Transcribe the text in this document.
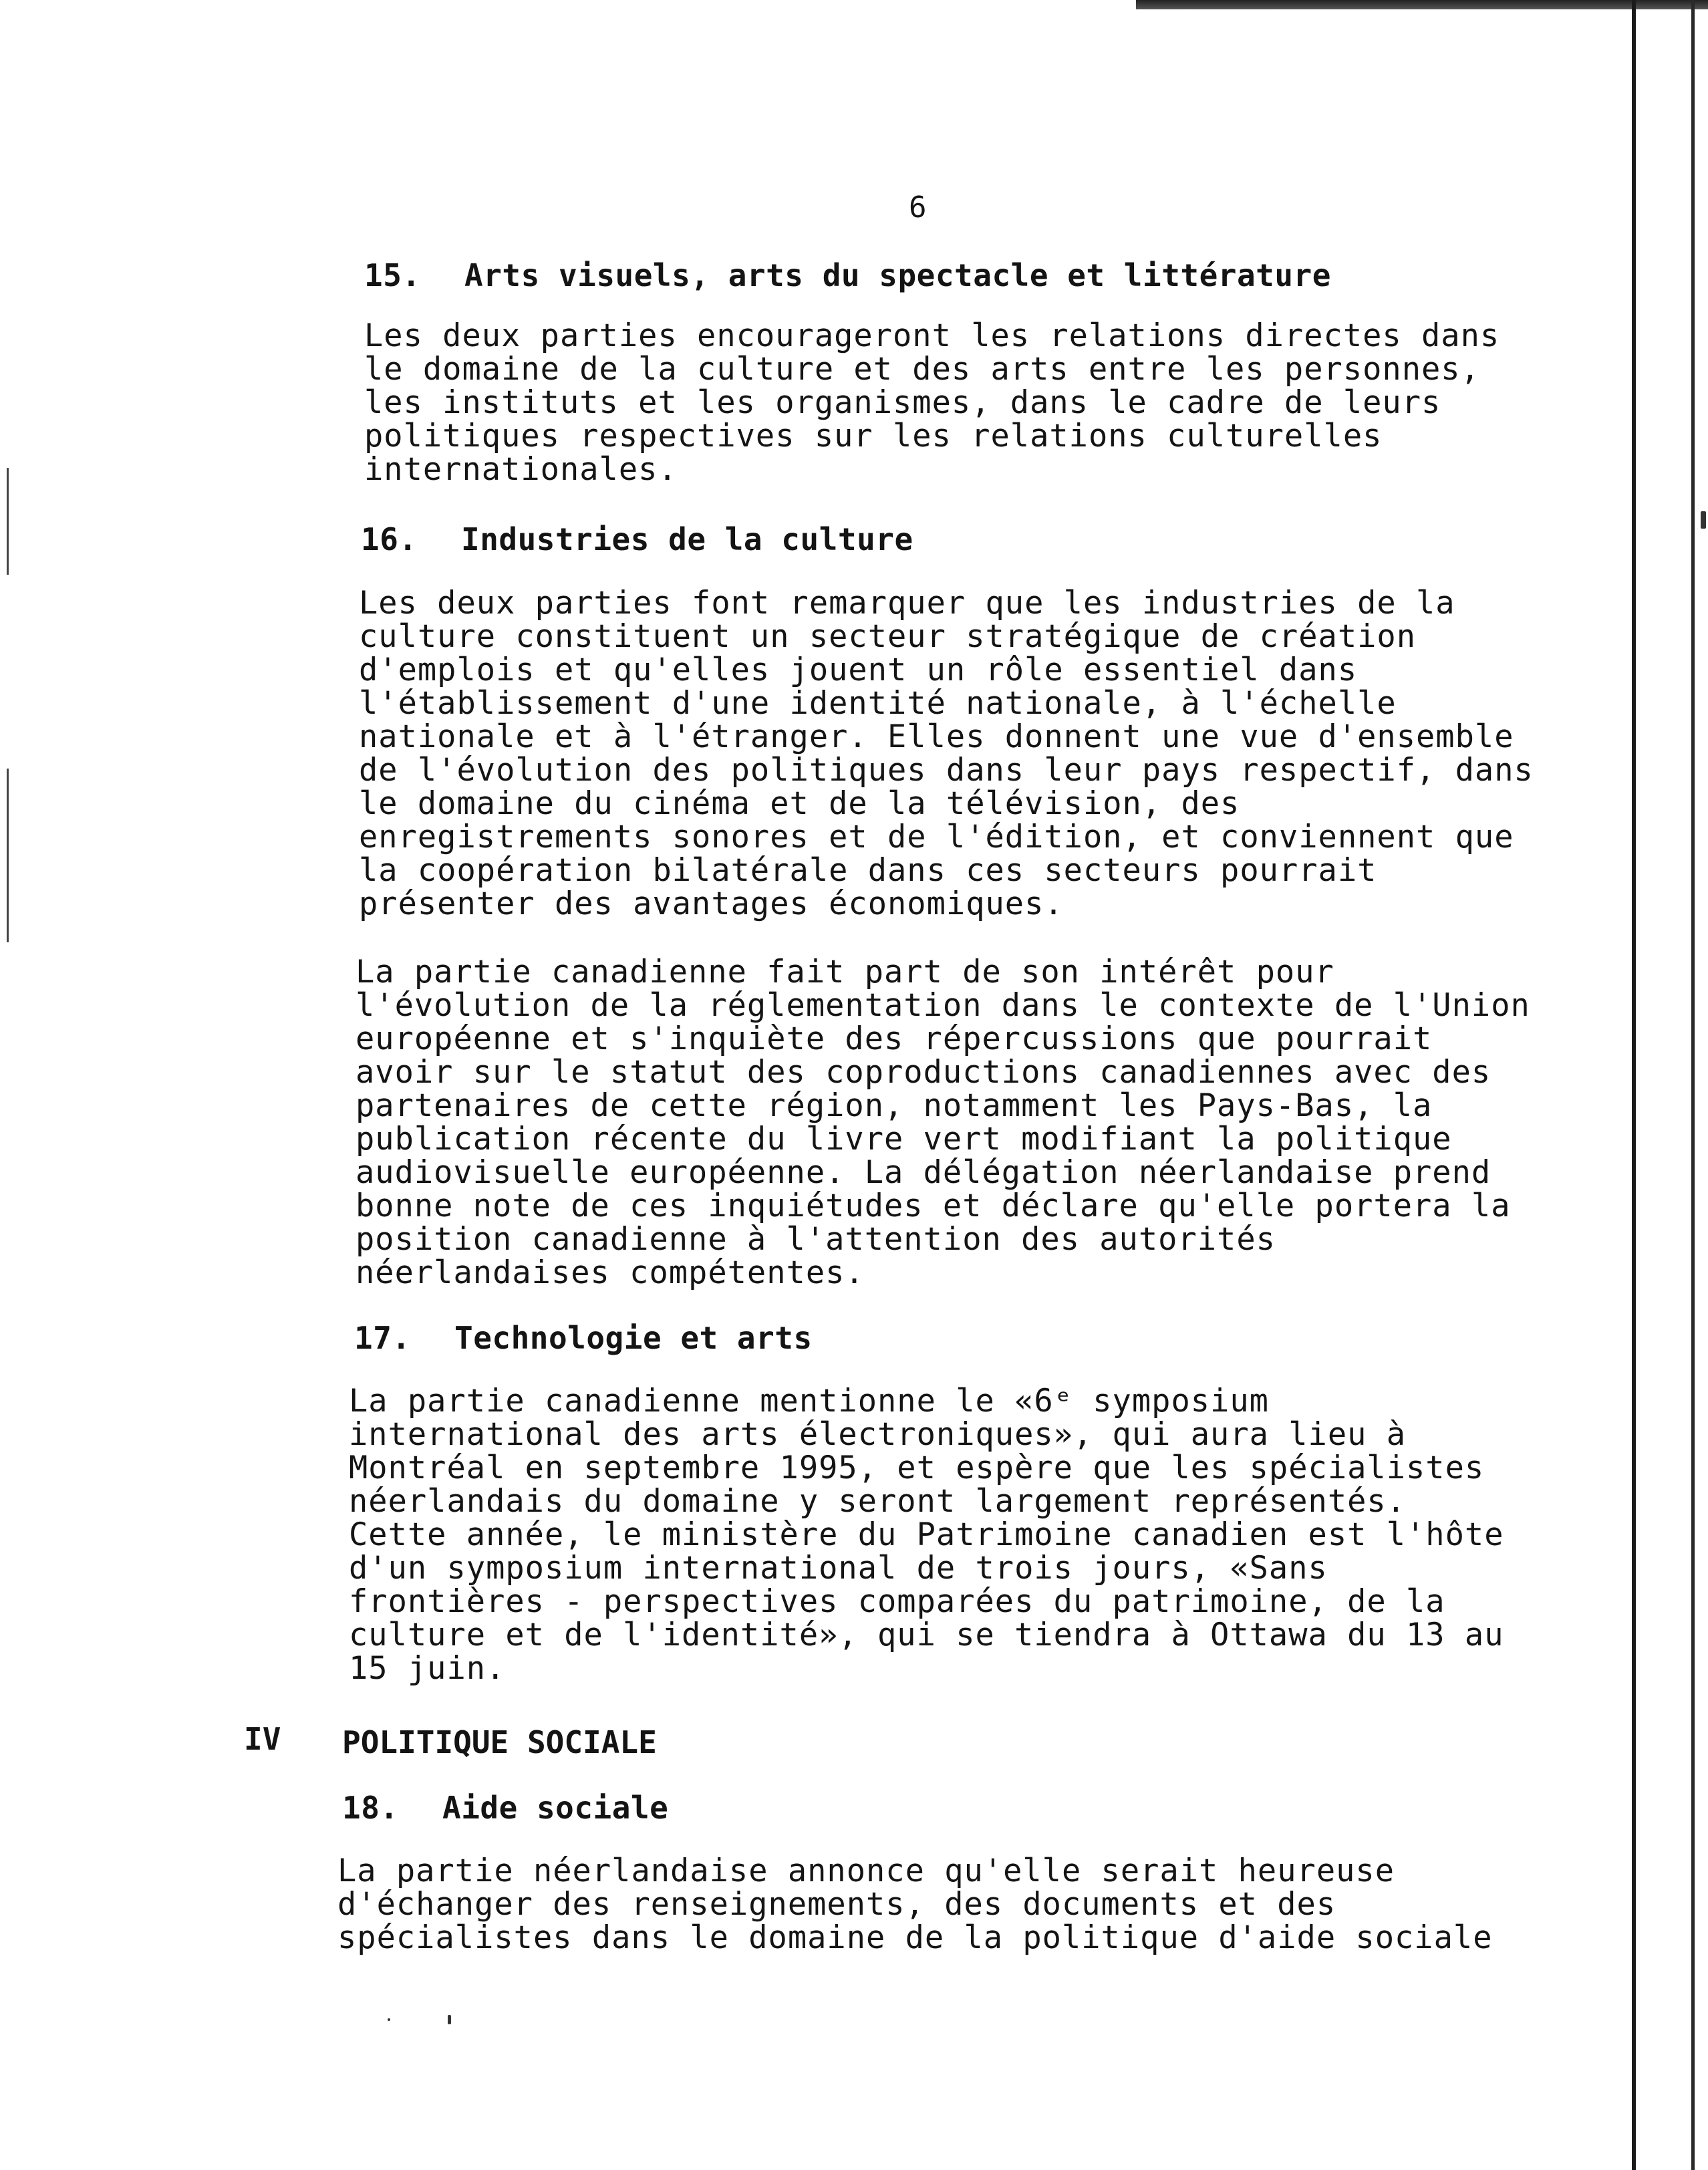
6
15. Arts visuels, arts du spectacle et littérature
Les deux parties encourageront les relations directes dans
le domaine de la culture et des arts entre les personnes,
les instituts et les organismes, dans le cadre de leurs
politiques respectives sur les relations culturelles
internationales.
16. Industries de la culture
Les deux parties font remarquer que les industries de la
culture constituent un secteur stratégique de création
d'emplois et qu'elles jouent un rôle essentiel dans
l'établissement d'une identité nationale, à l'échelle
nationale et à l'étranger. Elles donnent une vue d'ensemble
de l'évolution des politiques dans leur pays respectif, dans
le domaine du cinéma et de la télévision, des
enregistrements sonores et de l'édition, et conviennent que
la coopération bilatérale dans ces secteurs pourrait
présenter des avantages économiques.
La partie canadienne fait part de son intérêt pour
l'évolution de la réglementation dans le contexte de l'Union
européenne et s'inquiète des répercussions que pourrait
avoir sur le statut des coproductions canadiennes avec des
partenaires de cette région, notamment les Pays-Bas, la
publication récente du livre vert modifiant la politique
audiovisuelle européenne. La délégation néerlandaise prend
bonne note de ces inquiétudes et déclare qu'elle portera la
position canadienne à l'attention des autorités
néerlandaises compétentes.
17. Technologie et arts
La partie canadienne mentionne le «6ᵉ symposium
international des arts électroniques», qui aura lieu à
Montréal en septembre 1995, et espère que les spécialistes
néerlandais du domaine y seront largement représentés.
Cette année, le ministère du Patrimoine canadien est l'hôte
d'un symposium international de trois jours, «Sans
frontières - perspectives comparées du patrimoine, de la
culture et de l'identité», qui se tiendra à Ottawa du 13 au
15 juin.
IV POLITIQUE SOCIALE
18. Aide sociale
La partie néerlandaise annonce qu'elle serait heureuse
d'échanger des renseignements, des documents et des
spécialistes dans le domaine de la politique d'aide sociale
